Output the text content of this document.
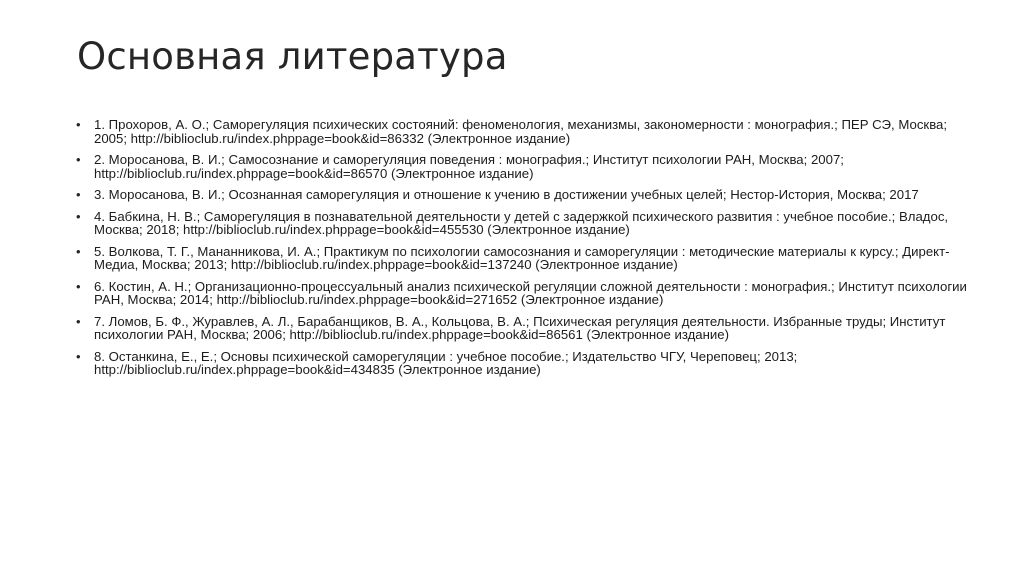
Основная литература
• 1. Прохоров, А. О.; Саморегуляция психических состояний: феноменология, механизмы, закономерности : монография.; ПЕР СЭ, Москва; 2005; http://biblioclub.ru/index.phppage=book&id=86332 (Электронное издание)
• 2. Моросанова, В. И.; Самосознание и саморегуляция поведения : монография.; Институт психологии РАН, Москва; 2007; http://biblioclub.ru/index.phppage=book&id=86570 (Электронное издание)
• 3. Моросанова, В. И.; Осознанная саморегуляция и отношение к учению в достижении учебных целей; Нестор-История, Москва; 2017
• 4. Бабкина, Н. В.; Саморегуляция в познавательной деятельности у детей с задержкой психического развития : учебное пособие.; Владос, Москва; 2018; http://biblioclub.ru/index.phppage=book&id=455530 (Электронное издание)
• 5. Волкова, Т. Г., Мананникова, И. А.; Практикум по психологии самосознания и саморегуляции : методические материалы к курсу.; Директ-Медиа, Москва; 2013; http://biblioclub.ru/index.phppage=book&id=137240 (Электронное издание)
• 6. Костин, А. Н.; Организационно-процессуальный анализ психической регуляции сложной деятельности : монография.; Институт психологии РАН, Москва; 2014; http://biblioclub.ru/index.phppage=book&id=271652 (Электронное издание)
• 7. Ломов, Б. Ф., Журавлев, А. Л., Барабанщиков, В. А., Кольцова, В. А.; Психическая регуляция деятельности. Избранные труды; Институт психологии РАН, Москва; 2006; http://biblioclub.ru/index.phppage=book&id=86561 (Электронное издание)
• 8. Останкина, Е., Е.; Основы психической саморегуляции : учебное пособие.; Издательство ЧГУ, Череповец; 2013; http://biblioclub.ru/index.phppage=book&id=434835 (Электронное издание)
